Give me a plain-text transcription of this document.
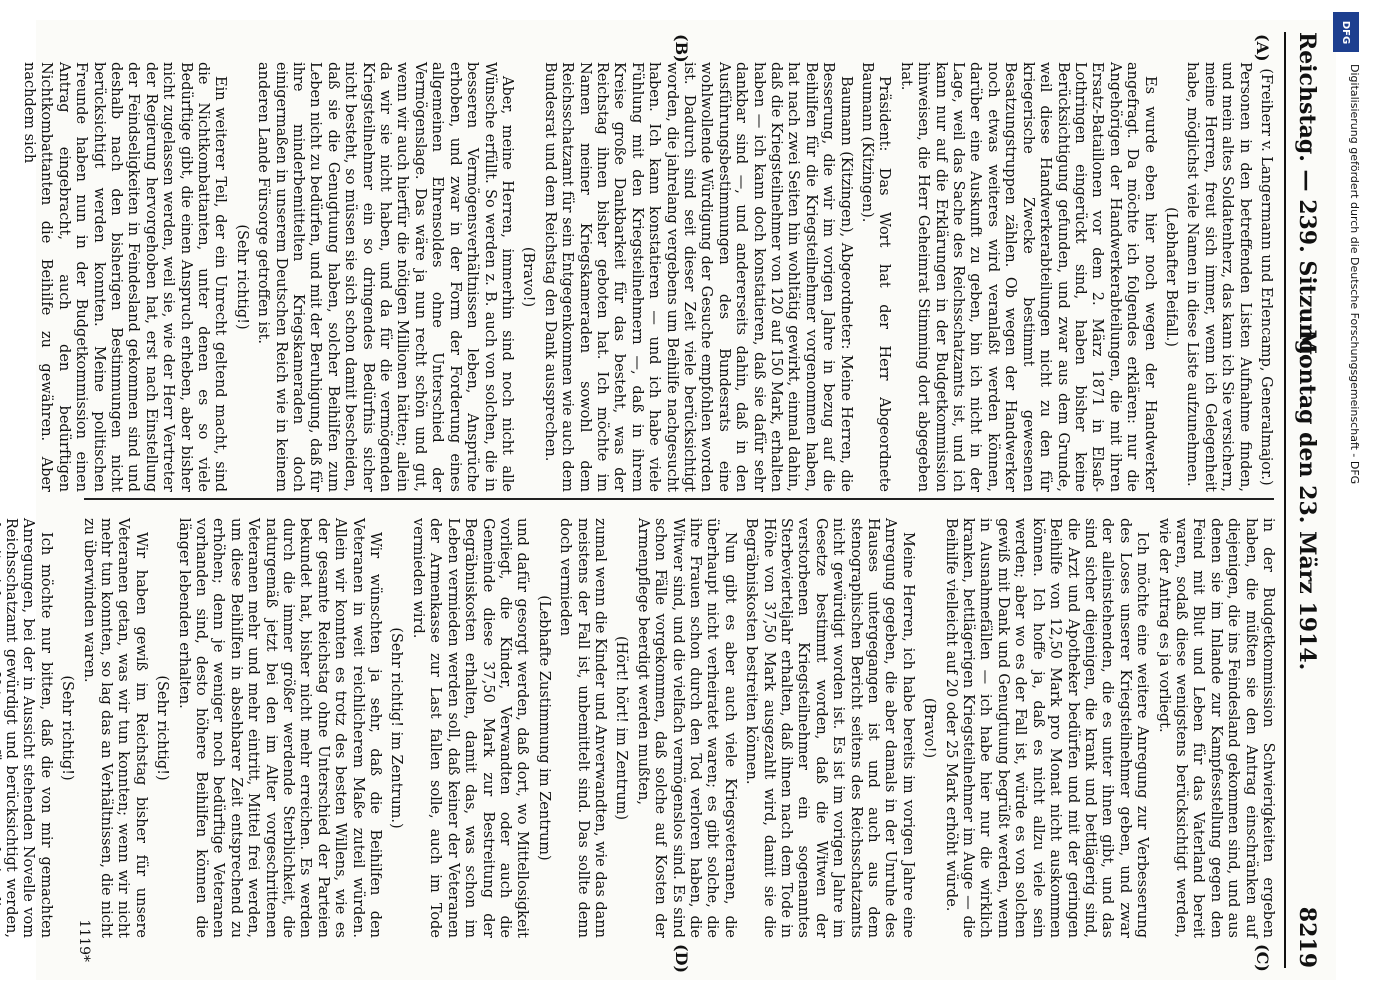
Reichstag. — 239. Sitzung.
Montag den 23. März 1914.
8219
(A)
(B)
(C)
(D)

(Freiherr v. Langermann und Erlencamp, Generalmajor.)

Personen in den betreffenden Listen Aufnahme finden, und mein altes Soldatenherz, das kann ich Sie versichern, meine Herren, freut sich immer, wenn ich Gelegenheit habe, möglichst viele Namen in diese Liste aufzunehmen.

(Lebhafter Beifall.)

Es wurde eben hier noch wegen der Handwerker angefragt. Da möchte ich folgendes erklären: nur die Angehörigen der Handwerkerabteilungen, die mit ihren Ersatz-Bataillonen vor dem 2. März 1871 in Elsaß-Lothringen eingerückt sind, haben bisher keine Berücksichtigung gefunden, und zwar aus dem Grunde, weil diese Handwerkerabteilungen nicht zu den für kriegerische Zwecke bestimmt gewesenen Besatzungstruppen zählen. Ob wegen der Handwerker noch etwas weiteres wird veranlaßt werden können, darüber eine Auskunft zu geben, bin ich nicht in der Lage, weil das Sache des Reichsschatzamts ist, und ich kann nur auf die Erklärungen in der Budgetkommission hinweisen, die Herr Geheimrat Stimming dort abgegeben hat.

Präsident: Das Wort hat der Herr Abgeordnete Baumann (Kitzingen).

Baumann (Kitzingen), Abgeordneter: Meine Herren, die Besserung, die wir im vorigen Jahre in bezug auf die Beihilfen für die Kriegsteilnehmer vorgenommen haben, hat nach zwei Seiten hin wohltätig gewirkt, einmal dahin, daß die Kriegsteilnehmer von 120 auf 150 Mark, erhalten haben — ich kann doch konstatieren, daß sie dafür sehr dankbar sind —, und andererseits dahin, daß in den Ausführungsbestimmungen des Bundesrats eine wohlwollende Würdigung der Gesuche empfohlen worden ist. Dadurch sind seit dieser Zeit viele berücksichtigt worden, die jahrelang vergebens um Beihilfe nachgesucht haben. Ich kann konstatieren — und ich habe viele Fühlung mit den Kriegsteilnehmern —, daß in ihrem Kreise große Dankbarkeit für das besteht, was der Reichstag ihnen bisher geboten hat. Ich möchte im Namen meiner Kriegskameraden sowohl dem Reichsschatzamt für sein Entgegenkommen wie auch dem Bundesrat und dem Reichstag den Dank aussprechen.

(Bravo!)

Aber, meine Herren, immerhin sind noch nicht alle Wünsche erfüllt. So werden z. B. auch von solchen, die in besseren Vermögensverhältnissen leben, Ansprüche erhoben, und zwar in der Form der Forderung eines allgemeinen Ehrensoldes ohne Unterschied der Vermögenslage. Das wäre ja nun recht schön und gut, wenn wir auch hierfür die nötigen Millionen hätten; allein da wir sie nicht haben, und da für die vermögenden Kriegsteilnehmer ein so dringendes Bedürfnis sicher nicht besteht, so müssen sie sich schon damit bescheiden, daß sie die Genugtuung haben, solcher Beihilfen zum Leben nicht zu bedürfen, und mit der Beruhigung, daß für ihre minderbemittelten Kriegskameraden doch einigermaßen in unserem Deutschen Reich wie in keinem anderen Lande Fürsorge getroffen ist.

(Sehr richtig!)

Ein weiterer Teil, der ein Unrecht geltend macht, sind die Nichtkombattanten, unter denen es so viele Bedürftige gibt, die einen Anspruch erheben, aber bisher nicht zugelassen werden, weil sie, wie der Herr Vertreter der Regierung hervorgehoben hat, erst nach Einstellung der Feindseligkeiten in Feindesland gekommen sind und deshalb nach den bisherigen Bestimmungen nicht berücksichtigt werden konnten. Meine politischen Freunde haben nun in der Budgetkommission einen Antrag eingebracht, auch den bedürftigen Nichtkombattanten die Beihilfe zu gewähren. Aber nachdem sich

in der Budgetkommission Schwierigkeiten ergeben haben, die müßten sie den Antrag einschränken auf diejenigen, die ins Feindesland gekommen sind, und aus denen sie im Inlande zur Kampfesstellung gegen den Feind mit Blut und Leben für das Vaterland bereit waren, sodaß diese wenigstens berücksichtigt werden, wie der Antrag es ja vorliegt.

Ich möchte eine weitere Anregung zur Verbesserung des Loses unserer Kriegsteilnehmer geben, und zwar der alleinstehenden, die es unter ihnen gibt, und das sind sicher diejenigen, die krank und bettlägerig sind, die Arzt und Apotheker bedürfen und mit der geringen Beihilfe von 12,50 Mark pro Monat nicht auskommen können. Ich hoffe ja, daß es nicht allzu viele sein werden; aber wo es der Fall ist, würde es von solchen gewiß mit Dank und Genugtuung begrüßt werden, wenn in Ausnahmefällen — ich habe hier nur die wirklich kranken, bettlägerigen Kriegsteilnehmer im Auge — die Beihilfe vielleicht auf 20 oder 25 Mark erhöht würde.

(Bravo!)

Meine Herren, ich habe bereits im vorigen Jahre eine Anregung gegeben, die aber damals in der Unruhe des Hauses untergegangen ist und auch aus dem stenographischen Bericht seitens des Reichsschatzamts nicht gewürdigt worden ist. Es ist im vorigen Jahre im Gesetze bestimmt worden, daß die Witwen der verstorbenen Kriegsteilnehmer ein sogenanntes Sterbevierteljahr erhalten, daß ihnen nach dem Tode in Höhe von 37,50 Mark ausgezahlt wird, damit sie die Begräbniskosten bestreiten können.

Nun gibt es aber auch viele Kriegsveteranen, die überhaupt nicht verheiratet waren; es gibt solche, die ihre Frauen schon durch den Tod verloren haben, die Witwer sind, und die vielfach vermögenslos sind. Es sind schon Fälle vorgekommen, daß solche auf Kosten der Armenpflege beerdigt werden mußten,

(Hört! hört! im Zentrum)

zumal wenn die Kinder und Anverwandten, wie das dann meistens der Fall ist, unbemittelt sind. Das sollte denn doch vermieden

(Lebhafte Zustimmung im Zentrum)

und dafür gesorgt werden, daß dort, wo Mittellosigkeit vorliegt, die Kinder, Verwandten oder auch die Gemeinde diese 37,50 Mark zur Bestreitung der Begräbniskosten erhalten, damit das, was schon im Leben vermieden werden soll, daß keiner der Veteranen der Armenkasse zur Last fallen solle, auch im Tode vermieden wird.

(Sehr richtig! im Zentrum.)

Wir wünschten ja sehr, daß die Beihilfen den Veteranen in weit reichlicherem Maße zuteil würden. Allein wir konnten es trotz des besten Willens, wie es der gesamte Reichstag ohne Unterschied der Parteien bekundet hat, bisher nicht mehr erreichen. Es werden durch die immer größer werdende Sterblichkeit, die naturgemäß jetzt bei den im Alter vorgeschrittenen Veteranen mehr und mehr eintritt, Mittel frei werden, um diese Beihilfen in absehbarer Zeit entsprechend zu erhöhen; denn je weniger noch bedürftige Veteranen vorhanden sind, desto höhere Beihilfen können die länger lebenden erhalten.

(Sehr richtig!)

Wir haben gewiß im Reichstag bisher für unsere Veteranen getan, was wir tun konnten; wenn wir nicht mehr tun konnten, so lag das an Verhältnissen, die nicht zu überwinden waren.

(Sehr richtig!)

Ich möchte nur bitten, daß die von mir gemachten Anregungen, bei der in Aussicht stehenden Novelle vom Reichsschatzamt gewürdigt und berücksichtigt werden,

1119*
DFG
Digitalisierung gefördert durch die Deutsche Forschungsgemeinschaft - DFG
